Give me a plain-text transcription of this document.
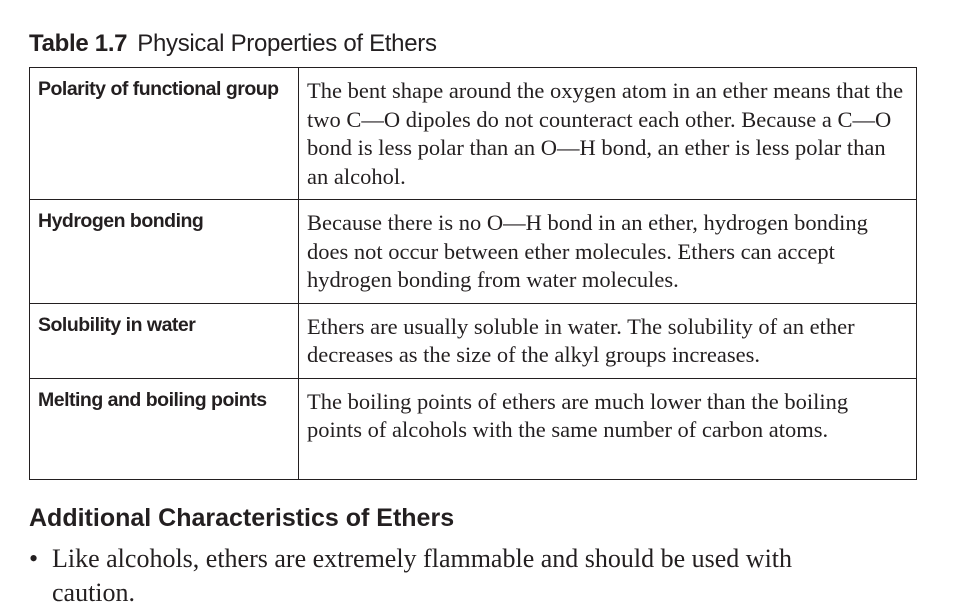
Table 1.7 Physical Properties of Ethers
Polarity of functional group	The bent shape around the oxygen atom in an ether means that the two C—O dipoles do not counteract each other. Because a C—O bond is less polar than an O—H bond, an ether is less polar than an alcohol.
Hydrogen bonding	Because there is no O—H bond in an ether, hydrogen bonding does not occur between ether molecules. Ethers can accept hydrogen bonding from water molecules.
Solubility in water	Ethers are usually soluble in water. The solubility of an ether decreases as the size of the alkyl groups increases.
Melting and boiling points	The boiling points of ethers are much lower than the boiling points of alcohols with the same number of carbon atoms.
Additional Characteristics of Ethers
• Like alcohols, ethers are extremely flammable and should be used with caution.
